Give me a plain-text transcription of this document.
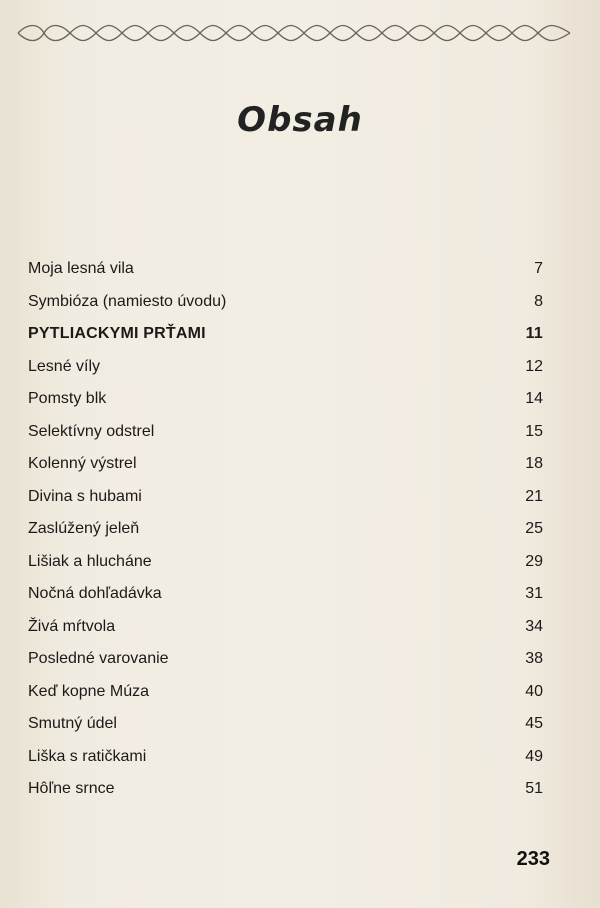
Obsah
Moja lesná vila	7
Symbióza (namiesto úvodu)	8
PYTLIACKYMI PRŤAMI	11
Lesné víly	12
Pomsty blk	14
Selektívny odstrel	15
Kolenný výstrel	18
Divina s hubami	21
Zaslúžený jeleň	25
Lišiak a hlucháne	29
Nočná dohľadávka	31
Živá mŕtvola	34
Posledné varovanie	38
Keď kopne Múza	40
Smutný údel	45
Liška s ratičkami	49
Hôľne srnce	51
233
